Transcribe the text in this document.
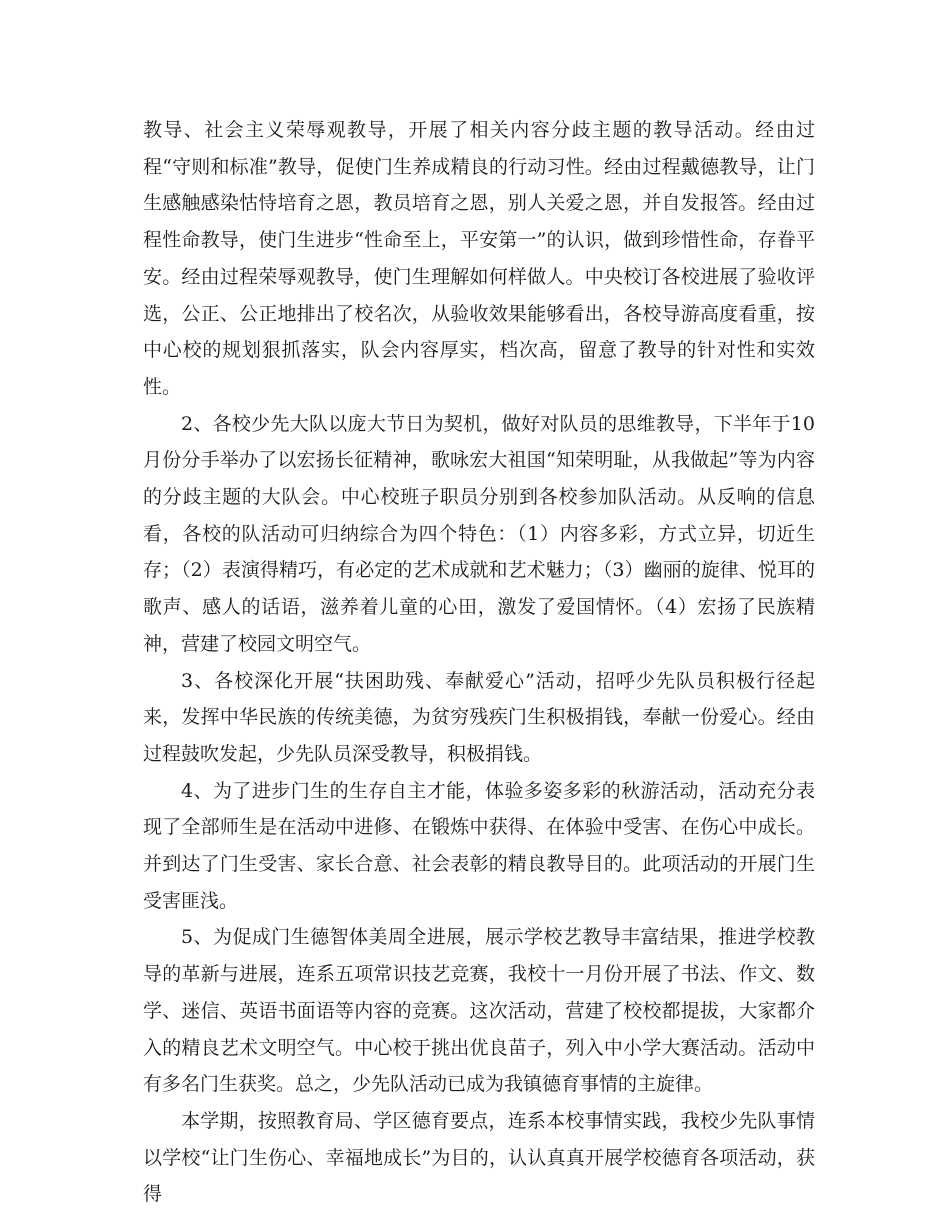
教导、社会主义荣辱观教导，开展了相关内容分歧主题的教导活动。经由过程“守则和标准”教导，促使门生养成精良的行动习性。经由过程戴德教导，让门生感触感染怙恃培育之恩，教员培育之恩，别人关爱之恩，并自发报答。经由过程性命教导，使门生进步“性命至上，平安第一”的认识，做到珍惜性命，存眷平安。经由过程荣辱观教导，使门生理解如何样做人。中央校订各校进展了验收评选，公正、公正地排出了校名次，从验收效果能够看出，各校导游高度看重，按中心校的规划狠抓落实，队会内容厚实，档次高，留意了教导的针对性和实效性。

2、各校少先大队以庞大节日为契机，做好对队员的思维教导，下半年于10月份分手举办了以宏扬长征精神，歌咏宏大祖国“知荣明耻，从我做起”等为内容的分歧主题的大队会。中心校班子职员分别到各校参加队活动。从反响的信息看，各校的队活动可归纳综合为四个特色：（1）内容多彩，方式立异，切近生存；（2）表演得精巧，有必定的艺术成就和艺术魅力；（3）幽丽的旋律、悦耳的歌声、感人的话语，滋养着儿童的心田，激发了爱国情怀。（4）宏扬了民族精神，营建了校园文明空气。

3、各校深化开展“扶困助残、奉献爱心”活动，招呼少先队员积极行径起来，发挥中华民族的传统美德，为贫穷残疾门生积极捐钱，奉献一份爱心。经由过程鼓吹发起，少先队员深受教导，积极捐钱。

4、为了进步门生的生存自主才能，体验多姿多彩的秋游活动，活动充分表现了全部师生是在活动中进修、在锻炼中获得、在体验中受害、在伤心中成长。并到达了门生受害、家长合意、社会表彰的精良教导目的。此项活动的开展门生受害匪浅。

5、为促成门生德智体美周全进展，展示学校艺教导丰富结果，推进学校教导的革新与进展，连系五项常识技艺竞赛，我校十一月份开展了书法、作文、数学、迷信、英语书面语等内容的竞赛。这次活动，营建了校校都提拔，大家都介入的精良艺术文明空气。中心校于挑出优良苗子，列入中小学大赛活动。活动中有多名门生获奖。总之，少先队活动已成为我镇德育事情的主旋律。

本学期，按照教育局、学区德育要点，连系本校事情实践，我校少先队事情以学校“让门生伤心、幸福地成长”为目的，认认真真开展学校德育各项活动，获得
